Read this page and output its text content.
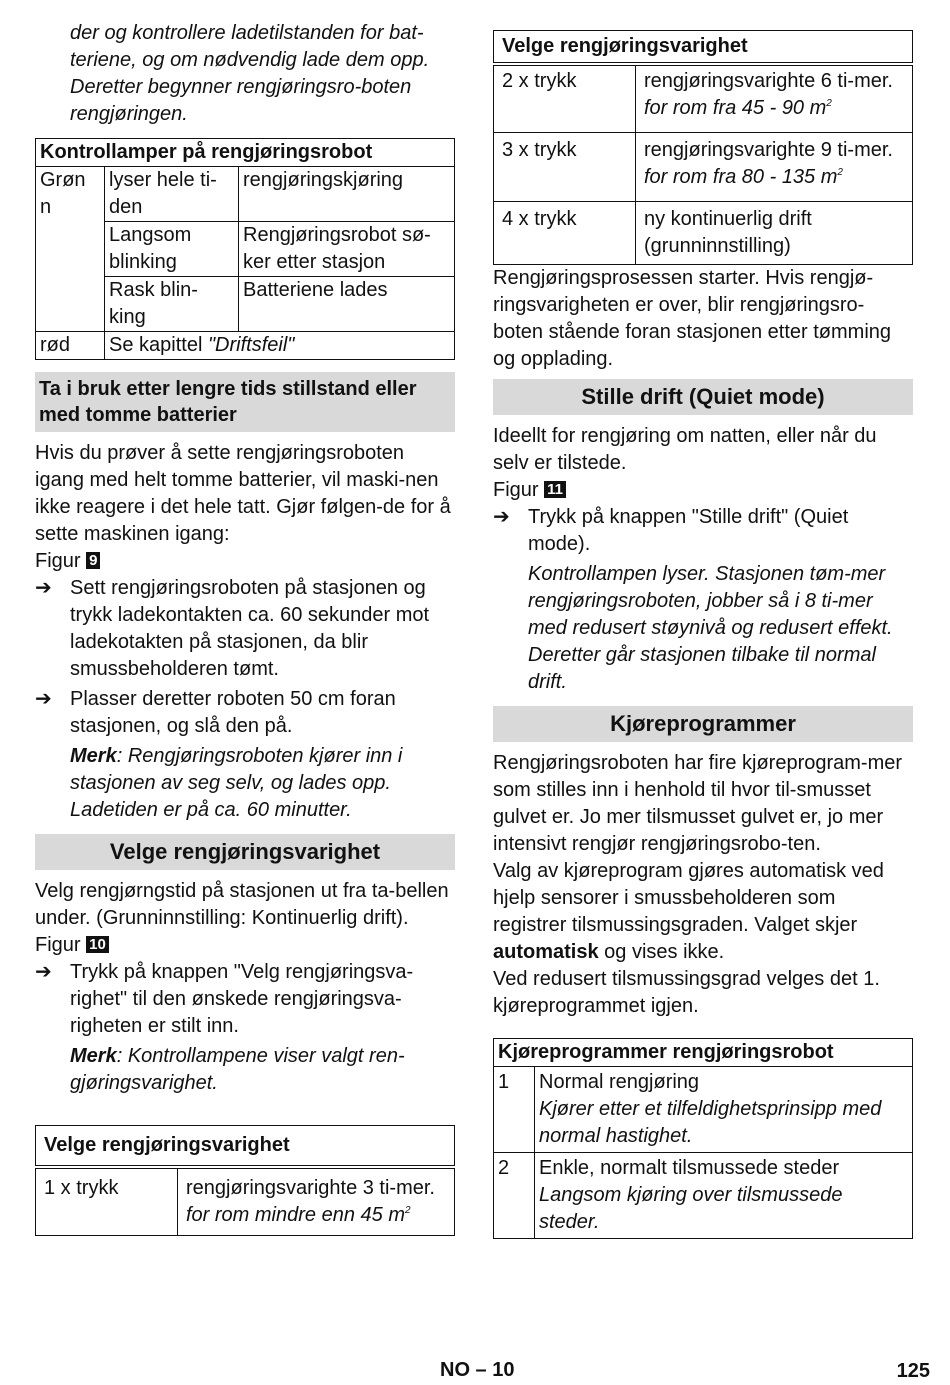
der og kontrollere ladetilstanden for bat-teriene, og om nødvendig lade dem opp. Deretter begynner rengjøringsro-boten rengjøringen.

Kontrollamper på rengjøringsrobot		
Grøn n	lyser hele ti-den	rengjøringskjøring
	Langsom blinking	Rengjøringsrobot sø-ker etter stasjon
	Rask blin-king	Batteriene lades
rød	Se kapittel "Driftsfeil"	
Ta i bruk etter lengre tids stillstand eller med tomme batterier

Hvis du prøver å sette rengjøringsroboten igang med helt tomme batterier, vil maski-nen ikke reagere i det hele tatt. Gjør følgen-de for å sette maskinen igang:

Figur 9

➔ Sett rengjøringsroboten på stasjonen og trykk ladekontakten ca. 60 sekunder mot ladekotakten på stasjonen, da blir smussbeholderen tømt.
➔ Plasser deretter roboten 50 cm foran stasjonen, og slå den på.

Merk: Rengjøringsroboten kjører inn i stasjonen av seg selv, og lades opp. Ladetiden er på ca. 60 minutter.

Velge rengjøringsvarighet

Velg rengjørngstid på stasjonen ut fra ta-bellen under. (Grunninnstilling: Kontinuerlig drift).

Figur 10

➔ Trykk på knappen "Velg rengjøringsva-righet" til den ønskede rengjøringsva-righeten er stilt inn.

Merk: Kontrollampene viser valgt ren-gjøringsvarighet.

Velge rengjøringsvarighet
1 x trykk	rengjøringsvarighte 3 ti-mer.
for rom mindre enn 45 $m^2$
Velge rengjøringsvarighet	
2 x trykk	rengjøringsvarighte 6 ti-mer.
for rom fra 45 - 90 $m^2$

3 x trykk	rengjøringsvarighte 9 ti-mer.
for rom fra 80 - 135 $m^2$

4 x trykk	ny kontinuerlig drift (grunninnstilling)

Rengjøringsprosessen starter. Hvis rengjø-ringsvarigheten er over, blir rengjøringsro-boten stående foran stasjonen etter tømming og opplading.

Stille drift (Quiet mode)

Ideellt for rengjøring om natten, eller når du selv er tilstede.

Figur 11

➔ Trykk på knappen "Stille drift" (Quiet mode).

Kontrollampen lyser. Stasjonen tøm-mer rengjøringsroboten, jobber så i 8 ti-mer med redusert støynivå og redusert effekt. Deretter går stasjonen tilbake til normal drift.

Kjøreprogrammer

Rengjøringsroboten har fire kjøreprogram-mer som stilles inn i henhold til hvor til-smusset gulvet er. Jo mer tilsmusset gulvet er, jo mer intensivt rengjør rengjøringsrobo-ten.

Valg av kjøreprogram gjøres automatisk ved hjelp sensorer i smussbeholderen som registrer tilsmussingsgraden. Valget skjer automatisk og vises ikke.

Ved redusert tilsmussingsgrad velges det 1. kjøreprogrammet igjen.

Kjøreprogrammer rengjøringsrobot	
1	Normal rengjøring
Kjører etter et tilfeldighetsprinsipp med normal hastighet.

2	Enkle, normalt tilsmussede steder
Langsom kjøring over tilsmussede steder.
NO – 10	125
